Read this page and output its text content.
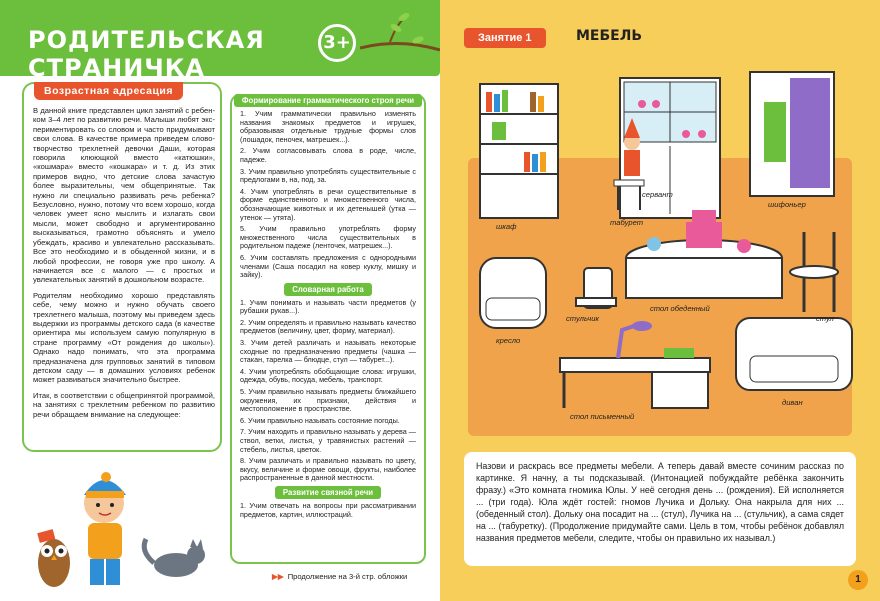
РОДИТЕЛЬСКАЯ СТРАНИЧКА
3+
Возрастная адресация

В данной книге представлен цикл занятий с ребен-ком 3–4 лет по развитию речи. Малыши любят экс-периментировать со словом и часто придумывают свои слова. В качестве примера приведем слово-творчество трехлетней девочки Даши, которая говорила клюющкой вместо «катюшки», «кошмара» вместо «кошкара» и т. д. Из этих примеров видно, что детские слова зачастую более выразительны, чем общепринятые. Так нужно ли специально развивать речь ребенка? Безусловно, нужно, потому что всем хорошо, когда человек умеет ясно мыслить и излагать свои мысли, может свободно и аргументированно высказываться, грамотно объяснять и умело убеждать, красиво и увлекательно рассказывать. Все это необходимо и в обыденной жизни, и в любой профессии, не говоря уже про школу. А начинается все с малого — с простых и увлекательных занятий в дошкольном возрасте.

Родителям необходимо хорошо представлять себе, чему можно и нужно обучать своего трехлетнего малыша, поэтому мы приведем здесь выдержки из программы детского сада (в качестве ориентира мы используем самую популярную в стране программу «От рождения до школы»). Однако надо понимать, что эта программа предназначена для групповых занятий в типовом детском саду — в домашних условиях ребенок может развиваться значительно быстрее.

Итак, в соответствии с общепринятой программой, на занятиях с трехлетним ребенком по развитию речи обращаем внимание на следующее:

Формирование грамматического строя речи
1. Учим грамматически правильно изменять названия знакомых предметов и игрушек, образовывая отдельные трудные формы слов (лошадок, пеночек, матрешек...).
2. Учим согласовывать слова в роде, числе, падеже.
3. Учим правильно употреблять существительные с предлогами в, на, под, за.
4. Учим употреблять в речи существительные в форме единственного и множественного числа, обозначающие животных и их детенышей (утка — утенок — утята).
5. Учим правильно употреблять форму множественного числа существительных в родительном падеже (ленточек, матрешек...).
6. Учим составлять предложения с однородными членами (Саша посадил на ковер куклу, мишку и зайку).
Словарная работа
1. Учим понимать и называть части предметов (у рубашки рукав...).
2. Учим определять и правильно называть качество предметов (величину, цвет, форму, материал).
3. Учим детей различать и называть некоторые сходные по предназначению предметы (чашка — стакан, тарелка — блюдце, стул — табурет...).
4. Учим употреблять обобщающие слова: игрушки, одежда, обувь, посуда, мебель, транспорт.
5. Учим правильно называть предметы ближайшего окружения, их признаки, действия и местоположение в пространстве.
6. Учим правильно называть состояние погоды.
7. Учим находить и правильно называть у дерева — ствол, ветки, листья, у травянистых растений — стебель, листья, цветок.
8. Учим различать и правильно называть по цвету, вкусу, величине и форме овощи, фрукты, наиболее распространенные в данной местности.
Развитие связной речи
1. Учим отвечать на вопросы при рассматривании предметов, картин, иллюстраций.
▶▶ Продолжение на 3-й стр. обложки
Занятие 1	МЕБЕЛЬ
шкаф
сервант
шифоньер
табурет
кресло
стульчик
стол обеденный
стул
стол письменный
диван
Назови и раскрась все предметы мебели. А теперь давай вместе сочиним рассказ по картинке. Я начну, а ты подсказывай. (Интонацией побуждайте ребёнка закончить фразу.) «Это комната гномика Юлы. У неё сегодня день ... (рождения). Ей исполняется ... (три года). Юла ждёт гостей: гномов Лучика и Дольку. Она накрыла для них ... (обеденный стол). Дольку она посадит на ... (стул), Лучика на ... (стульчик), а сама сядет на ... (табуретку). (Продолжение придумайте сами. Цель в том, чтобы ребёнок добавлял названия предметов мебели, следите, чтобы он правильно их называл.)
1
